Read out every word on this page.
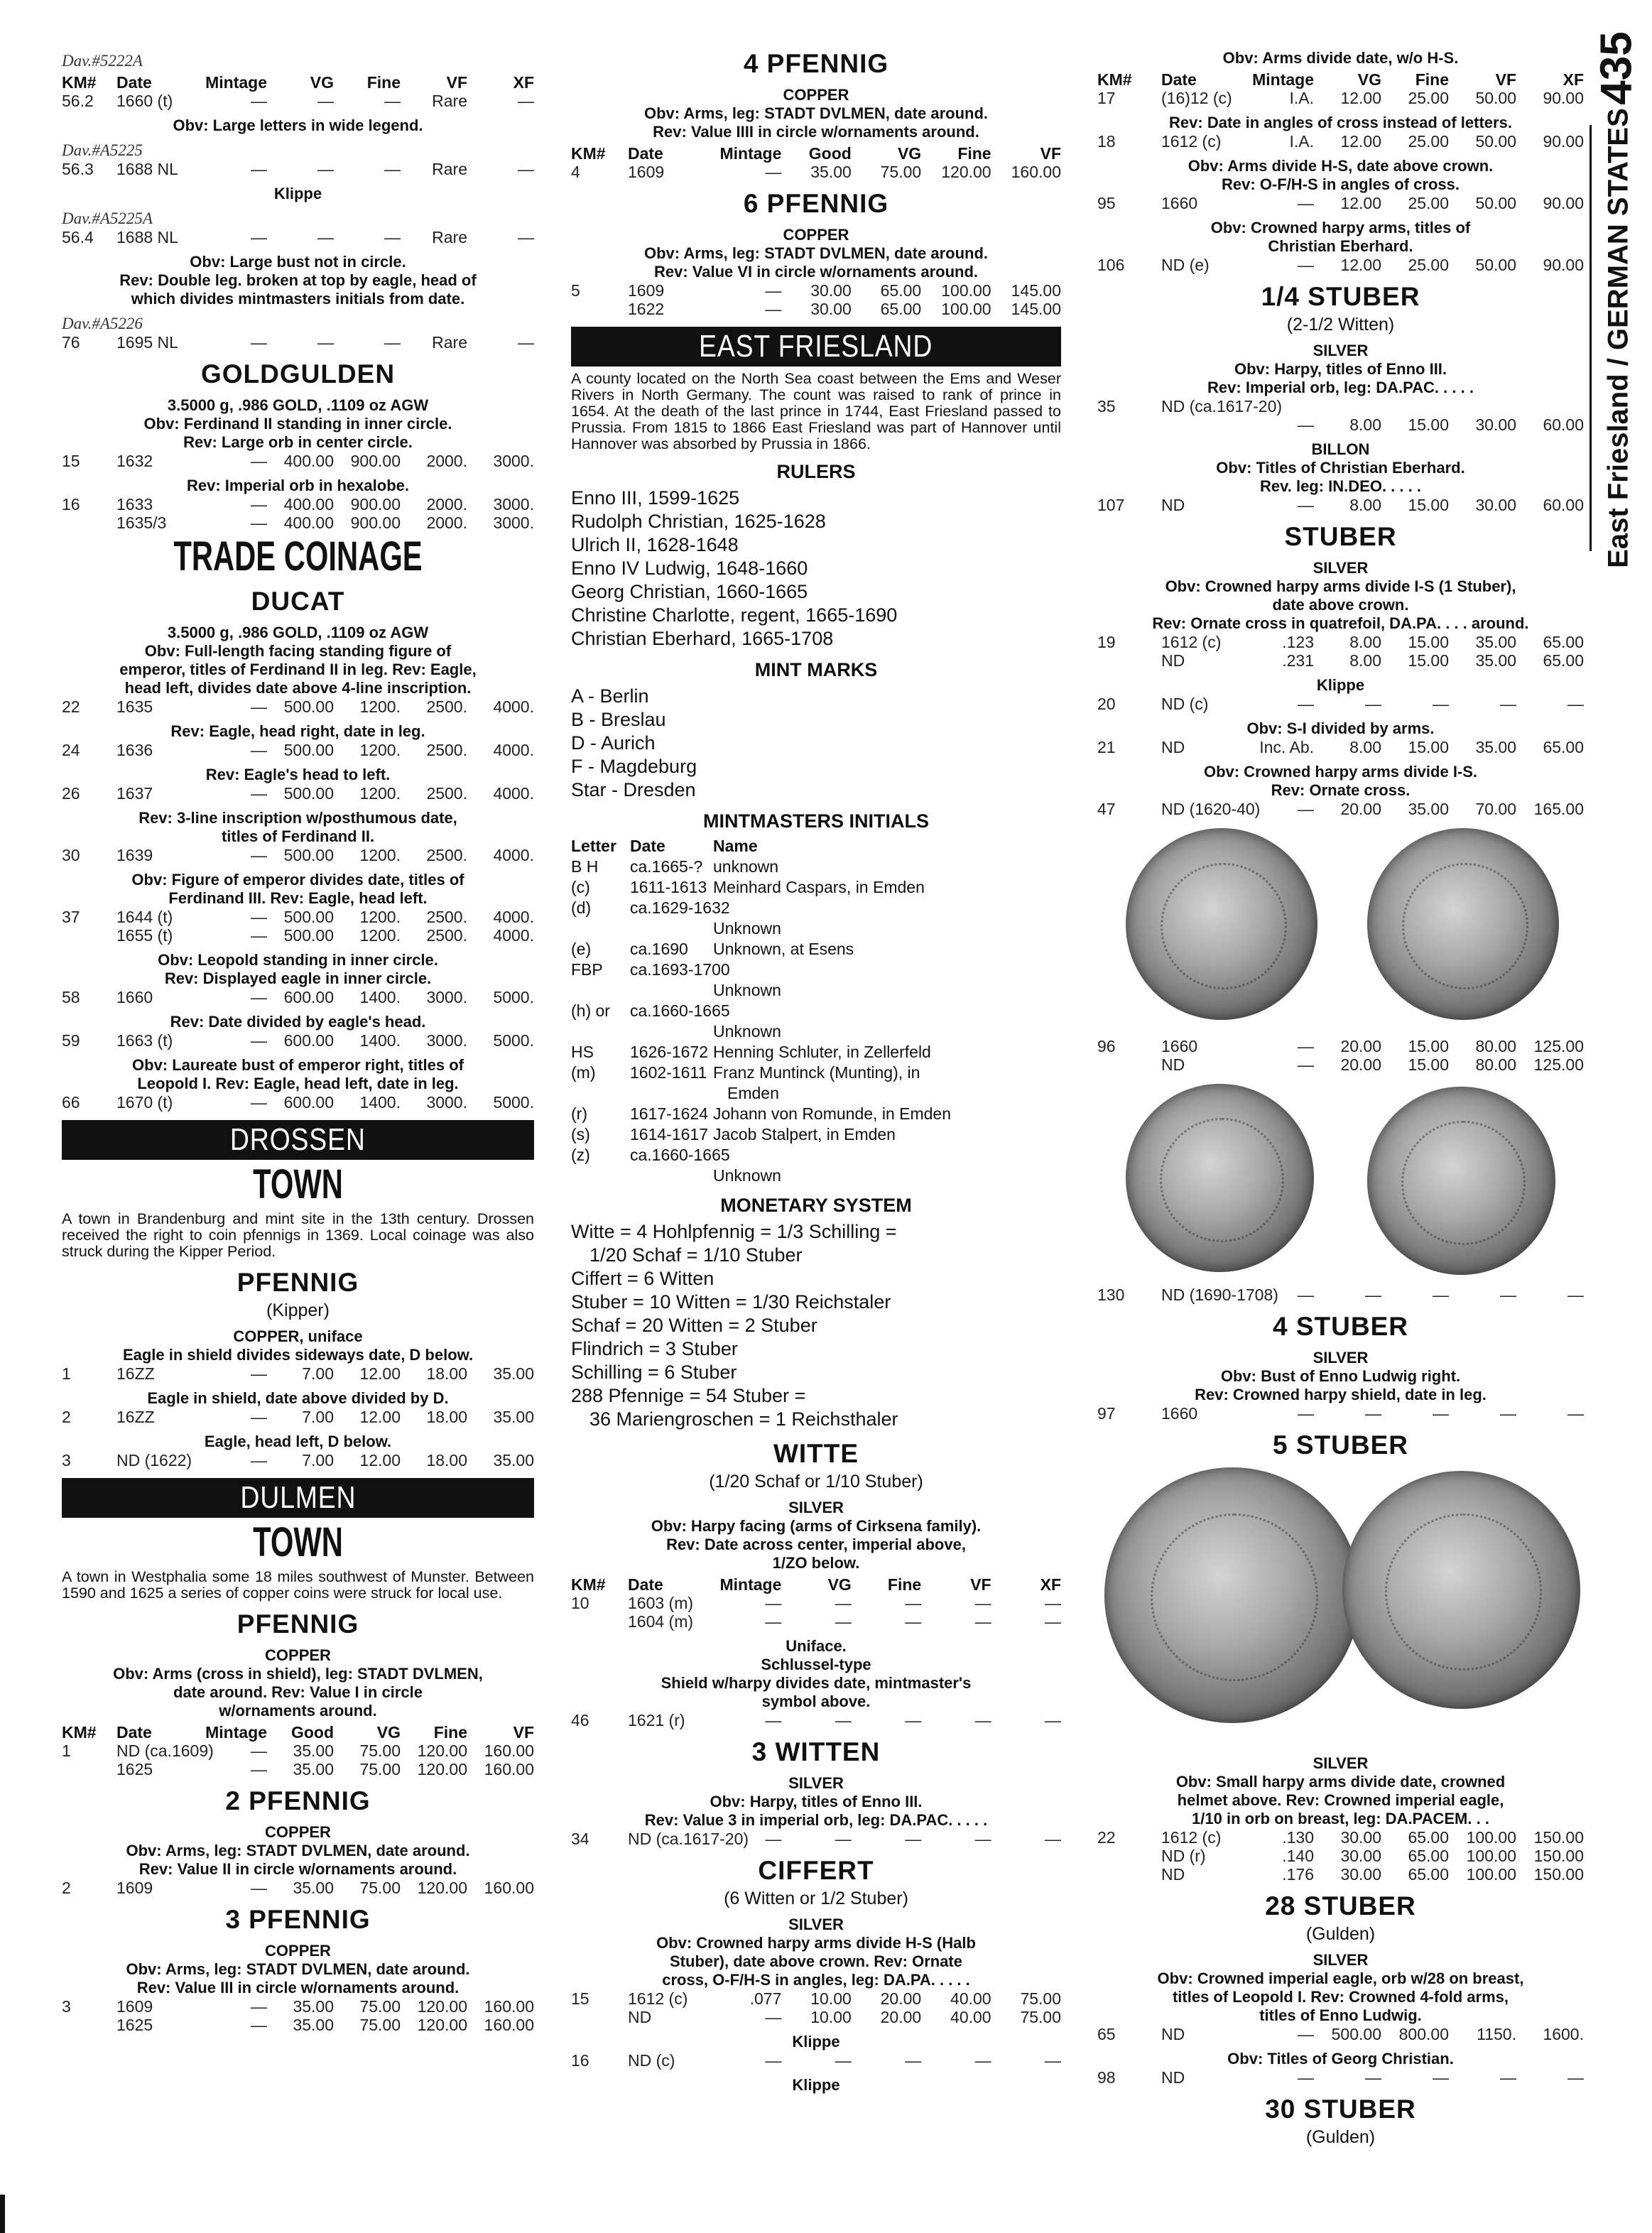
Dav.#5222A
KM#	Date	Mintage	VG	Fine	VF	XF
56.2	1660 (t)	—	—	—	Rare	—
Obv: Large letters in wide legend.
Dav.#A5225
56.3	1688 NL	—	—	—	Rare	—
Klippe
Dav.#A5225A
56.4	1688 NL	—	—	—	Rare	—
Obv: Large bust not in circle.
Rev: Double leg. broken at top by eagle, head of
which divides mintmasters initials from date.
Dav.#A5226
76	1695 NL	—	—	—	Rare	—
GOLDGULDEN
3.5000 g, .986 GOLD, .1109 oz AGW
Obv: Ferdinand II standing in inner circle.
Rev: Large orb in center circle.
15	1632	—	400.00	900.00	2000.	3000.
Rev: Imperial orb in hexalobe.
16	1633	—	400.00	900.00	2000.	3000.
1635/3	—	400.00	900.00	2000.	3000.
TRADE COINAGE
DUCAT
3.5000 g, .986 GOLD, .1109 oz AGW
Obv: Full-length facing standing figure of
emperor, titles of Ferdinand II in leg. Rev: Eagle,
head left, divides date above 4-line inscription.
22	1635	—	500.00	1200.	2500.	4000.
Rev: Eagle, head right, date in leg.
24	1636	—	500.00	1200.	2500.	4000.
Rev: Eagle's head to left.
26	1637	—	500.00	1200.	2500.	4000.
Rev: 3-line inscription w/posthumous date,
titles of Ferdinand II.
30	1639	—	500.00	1200.	2500.	4000.
Obv: Figure of emperor divides date, titles of
Ferdinand III. Rev: Eagle, head left.
37	1644 (t)	—	500.00	1200.	2500.	4000.
1655 (t)	—	500.00	1200.	2500.	4000.
Obv: Leopold standing in inner circle.
Rev: Displayed eagle in inner circle.
58	1660	—	600.00	1400.	3000.	5000.
Rev: Date divided by eagle's head.
59	1663 (t)	—	600.00	1400.	3000.	5000.
Obv: Laureate bust of emperor right, titles of
Leopold I. Rev: Eagle, head left, date in leg.
66	1670 (t)	—	600.00	1400.	3000.	5000.
DROSSEN
TOWN
A town in Brandenburg and mint site in the 13th century. Drossen received the right to coin pfennigs in 1369. Local coinage was also struck during the Kipper Period.
PFENNIG
(Kipper)
COPPER, uniface
Eagle in shield divides sideways date, D below.
1	16ZZ	—	7.00	12.00	18.00	35.00
Eagle in shield, date above divided by D.
2	16ZZ	—	7.00	12.00	18.00	35.00
Eagle, head left, D below.
3	ND (1622)	—	7.00	12.00	18.00	35.00
DULMEN
TOWN
A town in Westphalia some 18 miles southwest of Munster. Between 1590 and 1625 a series of copper coins were struck for local use.
PFENNIG
COPPER
Obv: Arms (cross in shield), leg: STADT DVLMEN,
date around. Rev: Value I in circle
w/ornaments around.
KM#	Date	Mintage	Good	VG	Fine	VF
1	ND (ca.1609)	—	35.00	75.00	120.00	160.00
1625	—	35.00	75.00	120.00	160.00
2 PFENNIG
COPPER
Obv: Arms, leg: STADT DVLMEN, date around.
Rev: Value II in circle w/ornaments around.
2	1609	—	35.00	75.00	120.00	160.00
3 PFENNIG
COPPER
Obv: Arms, leg: STADT DVLMEN, date around.
Rev: Value III in circle w/ornaments around.
3	1609	—	35.00	75.00	120.00	160.00
1625	—	35.00	75.00	120.00	160.00
4 PFENNIG
COPPER
Obv: Arms, leg: STADT DVLMEN, date around.
Rev: Value IIII in circle w/ornaments around.
KM#	Date	Mintage	Good	VG	Fine	VF
4	1609	—	35.00	75.00	120.00	160.00
6 PFENNIG
COPPER
Obv: Arms, leg: STADT DVLMEN, date around.
Rev: Value VI in circle w/ornaments around.
5	1609	—	30.00	65.00	100.00	145.00
1622	—	30.00	65.00	100.00	145.00
EAST FRIESLAND
A county located on the North Sea coast between the Ems and Weser Rivers in North Germany. The count was raised to rank of prince in 1654. At the death of the last prince in 1744, East Friesland passed to Prussia. From 1815 to 1866 East Friesland was part of Hannover until Hannover was absorbed by Prussia in 1866.
RULERS
Enno III, 1599-1625
Rudolph Christian, 1625-1628
Ulrich II, 1628-1648
Enno IV Ludwig, 1648-1660
Georg Christian, 1660-1665
Christine Charlotte, regent, 1665-1690
Christian Eberhard, 1665-1708
MINT MARKS
A - Berlin
B - Breslau
D - Aurich
F - Magdeburg
Star - Dresden
MINTMASTERS INITIALS
Letter Date	Name
B H	ca.1665-? unknown
(c)	1611-1613 Meinhard Caspars, in Emden
(d)	ca.1629-1632
Unknown
(e)	ca.1690	Unknown, at Esens
FBP	ca.1693-1700
Unknown
(h) or	ca.1660-1665
Unknown
HS	1626-1672 Henning Schluter, in Zellerfeld
(m)	1602-1611 Franz Muntinck (Munting), in
Emden
(r)	1617-1624 Johann von Romunde, in Emden
(s)	1614-1617 Jacob Stalpert, in Emden
(z)	ca.1660-1665
Unknown
MONETARY SYSTEM
Witte = 4 Hohlpfennig = 1/3 Schilling =
1/20 Schaf = 1/10 Stuber
Ciffert = 6 Witten
Stuber = 10 Witten = 1/30 Reichstaler
Schaf = 20 Witten = 2 Stuber
Flindrich = 3 Stuber
Schilling = 6 Stuber
288 Pfennige = 54 Stuber =
36 Mariengroschen = 1 Reichsthaler
WITTE
(1/20 Schaf or 1/10 Stuber)
SILVER
Obv: Harpy facing (arms of Cirksena family).
Rev: Date across center, imperial above,
1/ZO below.
KM#	Date	Mintage	VG	Fine	VF	XF
10	1603 (m)	—	—	—	—	—
1604 (m)	—	—	—	—	—
Uniface.
Schlussel-type
Shield w/harpy divides date, mintmaster's
symbol above.
46	1621 (r)	—	—	—	—	—
3 WITTEN
SILVER
Obv: Harpy, titles of Enno III.
Rev: Value 3 in imperial orb, leg: DA.PAC. . . . .
34	ND (ca.1617-20)	—	—	—	—	—
CIFFERT
(6 Witten or 1/2 Stuber)
SILVER
Obv: Crowned harpy arms divide H-S (Halb
Stuber), date above crown. Rev: Ornate
cross, O-F/H-S in angles, leg: DA.PA. . . . .
15	1612 (c)	.077	10.00	20.00	40.00	75.00
ND	—	10.00	20.00	40.00	75.00
Klippe
16	ND (c)	—	—	—	—	—
Klippe
Obv: Arms divide date, w/o H-S.
KM#	Date	Mintage	VG	Fine	VF	XF
17	(16)12 (c)	I.A.	12.00	25.00	50.00	90.00
Rev: Date in angles of cross instead of letters.
18	1612 (c)	I.A.	12.00	25.00	50.00	90.00
Obv: Arms divide H-S, date above crown.
Rev: O-F/H-S in angles of cross.
95	1660	—	12.00	25.00	50.00	90.00
Obv: Crowned harpy arms, titles of
Christian Eberhard.
106	ND (e)	—	12.00	25.00	50.00	90.00
1/4 STUBER
(2-1/2 Witten)
SILVER
Obv: Harpy, titles of Enno III.
Rev: Imperial orb, leg: DA.PAC. . . . .
35	ND (ca.1617-20)
—	8.00	15.00	30.00	60.00
BILLON
Obv: Titles of Christian Eberhard.
Rev. leg: IN.DEO. . . . .
107	ND	—	8.00	15.00	30.00	60.00
STUBER
SILVER
Obv: Crowned harpy arms divide I-S (1 Stuber),
date above crown.
Rev: Ornate cross in quatrefoil, DA.PA. . . . around.
19	1612 (c)	.123	8.00	15.00	35.00	65.00
ND	.231	8.00	15.00	35.00	65.00
Klippe
20	ND (c)	—	—	—	—	—
Obv: S-I divided by arms.
21	ND	Inc. Ab.	8.00	15.00	35.00	65.00
Obv: Crowned harpy arms divide I-S.
Rev: Ornate cross.
47	ND (1620-40)	—	20.00	35.00	70.00	165.00
96	1660	—	20.00	15.00	80.00	125.00
ND	—	20.00	15.00	80.00	125.00
130	ND (1690-1708)	—	—	—	—	—
4 STUBER
SILVER
Obv: Bust of Enno Ludwig right.
Rev: Crowned harpy shield, date in leg.
97	1660	—	—	—	—	—
5 STUBER
SILVER
Obv: Small harpy arms divide date, crowned
helmet above. Rev: Crowned imperial eagle,
1/10 in orb on breast, leg: DA.PACEM. . .
22	1612 (c)	.130	30.00	65.00	100.00	150.00
ND (r)	.140	30.00	65.00	100.00	150.00
ND	.176	30.00	65.00	100.00	150.00
28 STUBER
(Gulden)
SILVER
Obv: Crowned imperial eagle, orb w/28 on breast,
titles of Leopold I. Rev: Crowned 4-fold arms,
titles of Enno Ludwig.
65	ND	—	500.00	800.00	1150.	1600.
Obv: Titles of Georg Christian.
98	ND	—	—	—	—	—
30 STUBER
(Gulden)
435
East Friesland / GERMAN STATES
